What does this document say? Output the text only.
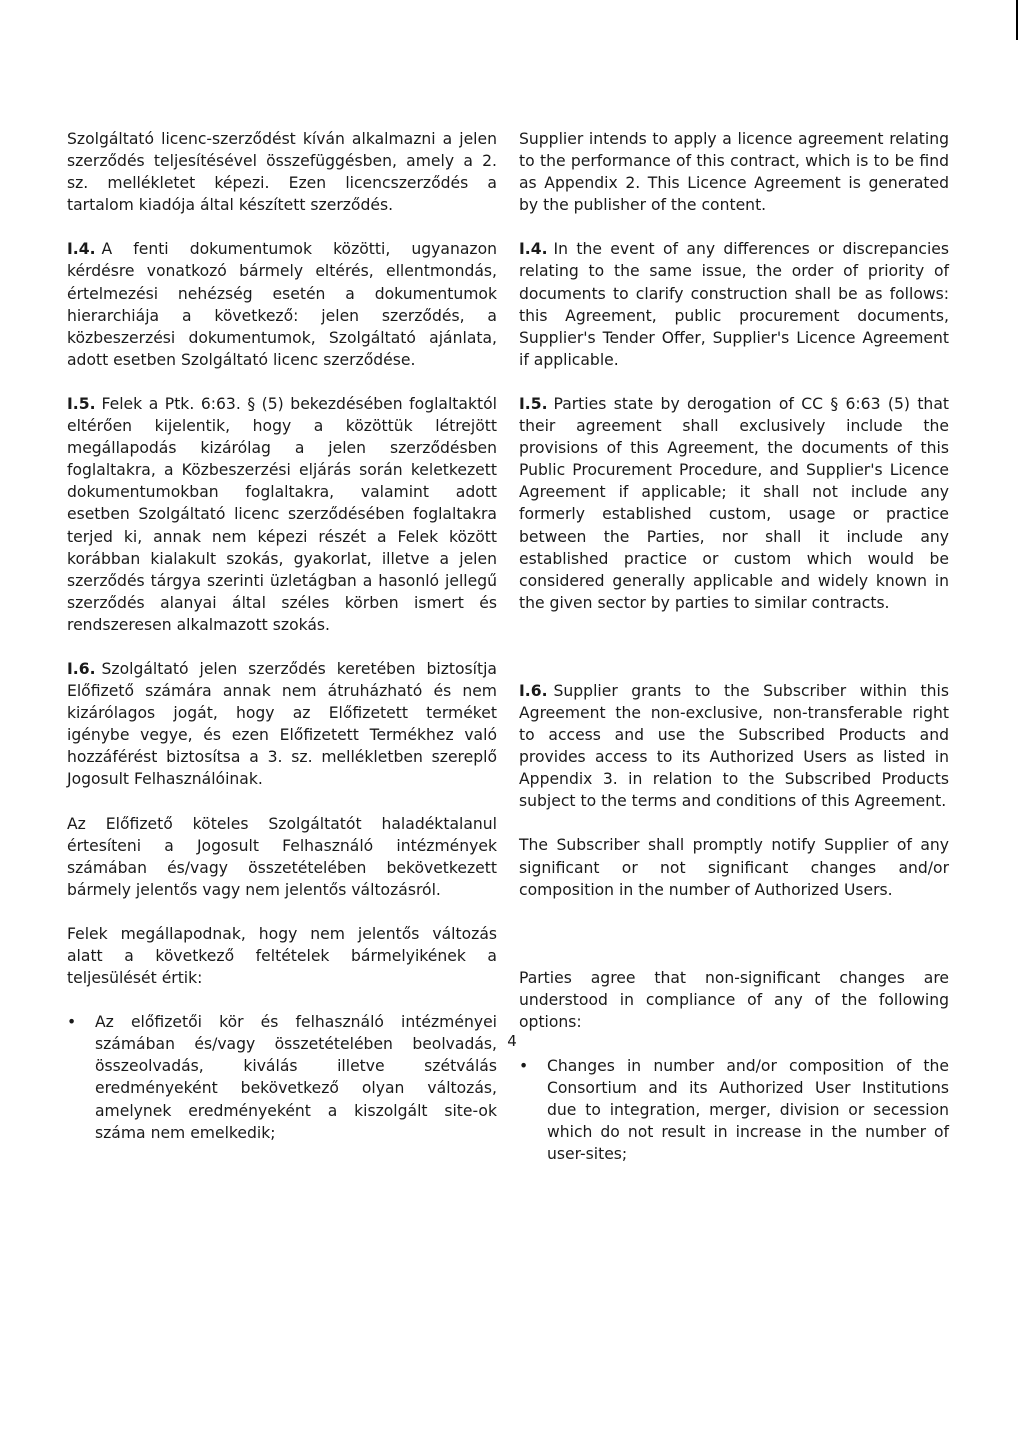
Szolgáltató licenc-szerződést kíván alkalmazni a jelen szerződés teljesítésével összefüggésben, amely a 2. sz. mellékletet képezi. Ezen licencszerződés a tartalom kiadója által készített szerződés.

I.4. A fenti dokumentumok közötti, ugyanazon kérdésre vonatkozó bármely eltérés, ellentmondás, értelmezési nehézség esetén a dokumentumok hierarchiája a következő: jelen szerződés, a közbeszerzési dokumentumok, Szolgáltató ajánlata, adott esetben Szolgáltató licenc szerződése.

I.5. Felek a Ptk. 6:63. § (5) bekezdésében foglaltaktól eltérően kijelentik, hogy a közöttük létrejött megállapodás kizárólag a jelen szerződésben foglaltakra, a Közbeszerzési eljárás során keletkezett dokumentumokban foglaltakra, valamint adott esetben Szolgáltató licenc szerződésében foglaltakra terjed ki, annak nem képezi részét a Felek között korábban kialakult szokás, gyakorlat, illetve a jelen szerződés tárgya szerinti üzletágban a hasonló jellegű szerződés alanyai által széles körben ismert és rendszeresen alkalmazott szokás.

I.6. Szolgáltató jelen szerződés keretében biztosítja Előfizető számára annak nem átruházható és nem kizárólagos jogát, hogy az Előfizetett terméket igénybe vegye, és ezen Előfizetett Termékhez való hozzáférést biztosítsa a 3. sz. mellékletben szereplő Jogosult Felhasználóinak.

Az Előfizető köteles Szolgáltatót haladéktalanul értesíteni a Jogosult Felhasználó intézmények számában és/vagy összetételében bekövetkezett bármely jelentős vagy nem jelentős változásról.

Felek megállapodnak, hogy nem jelentős változás alatt a következő feltételek bármelyikének a teljesülését értik:

• Az előfizetői kör és felhasználó intézményei számában és/vagy összetételében beolvadás, összeolvadás, kiválás illetve szétválás eredményeként bekövetkező olyan változás, amelynek eredményeként a kiszolgált site-ok száma nem emelkedik;

Supplier intends to apply a licence agreement relating to the performance of this contract, which is to be find as Appendix 2. This Licence Agreement is generated by the publisher of the content.

I.4. In the event of any differences or discrepancies relating to the same issue, the order of priority of documents to clarify construction shall be as follows: this Agreement, public procurement documents, Supplier's Tender Offer, Supplier's Licence Agreement if applicable.

I.5. Parties state by derogation of CC § 6:63 (5) that their agreement shall exclusively include the provisions of this Agreement, the documents of this Public Procurement Procedure, and Supplier's Licence Agreement if applicable; it shall not include any formerly established custom, usage or practice between the Parties, nor shall it include any established practice or custom which would be considered generally applicable and widely known in the given sector by parties to similar contracts.

I.6. Supplier grants to the Subscriber within this Agreement the non-exclusive, non-transferable right to access and use the Subscribed Products and provides access to its Authorized Users as listed in Appendix 3. in relation to the Subscribed Products subject to the terms and conditions of this Agreement.

The Subscriber shall promptly notify Supplier of any significant or not significant changes and/or composition in the number of Authorized Users.

Parties agree that non-significant changes are understood in compliance of any of the following options:

• Changes in number and/or composition of the Consortium and its Authorized User Institutions due to integration, merger, division or secession which do not result in increase in the number of user-sites;

4
